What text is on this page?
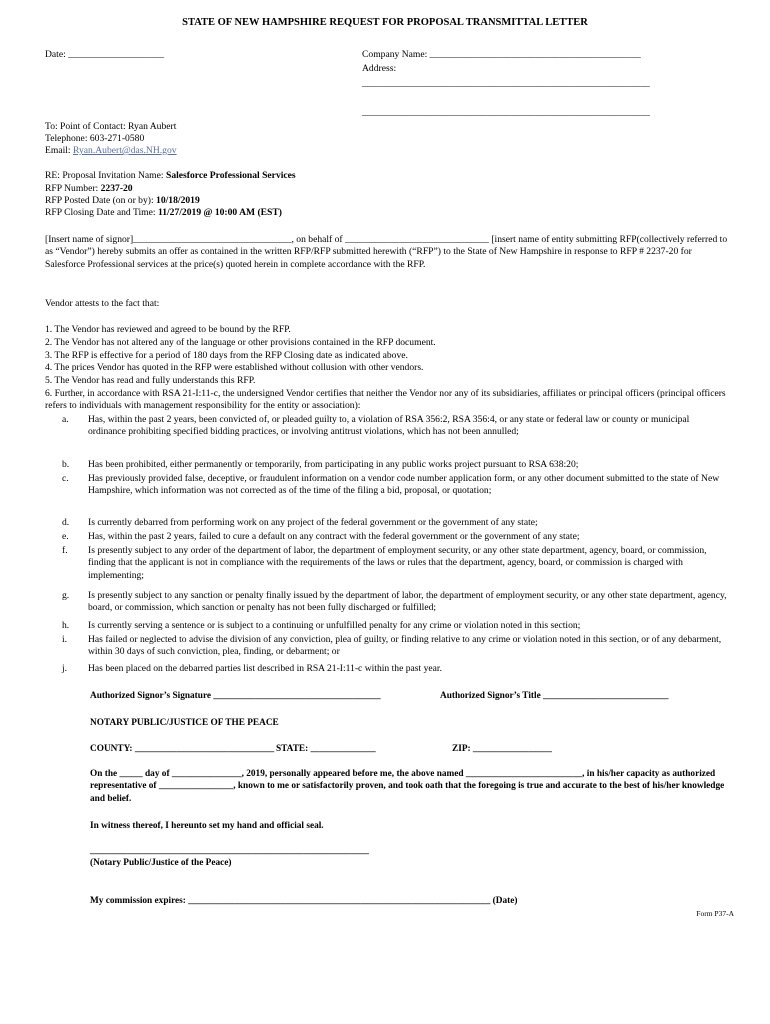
STATE OF NEW HAMPSHIRE REQUEST FOR PROPOSAL TRANSMITTAL LETTER
Date: ____________________	Company Name: ____________________________________________
Address:
____________________________________________________________
____________________________________________________________
To: Point of Contact: Ryan Aubert
Telephone: 603-271-0580
Email: Ryan.Aubert@das.NH.gov
RE: Proposal Invitation Name: Salesforce Professional Services
RFP Number: 2237-20
RFP Posted Date (on or by): 10/18/2019
RFP Closing Date and Time: 11/27/2019 @ 10:00 AM (EST)

[Insert name of signor]_________________________________, on behalf of ______________________________ [insert name of entity submitting RFP(collectively referred to as “Vendor”) hereby submits an offer as contained in the written RFP/RFP submitted herewith (“RFP”) to the State of New Hampshire in response to RFP # 2237-20 for Salesforce Professional services at the price(s) quoted herein in complete accordance with the RFP.

Vendor attests to the fact that:
1. The Vendor has reviewed and agreed to be bound by the RFP.
2. The Vendor has not altered any of the language or other provisions contained in the RFP document.
3. The RFP is effective for a period of 180 days from the RFP Closing date as indicated above.
4. The prices Vendor has quoted in the RFP were established without collusion with other vendors.
5. The Vendor has read and fully understands this RFP.

6. Further, in accordance with RSA 21-I:11-c, the undersigned Vendor certifies that neither the Vendor nor any of its subsidiaries, affiliates or principal officers (principal officers refers to individuals with management responsibility for the entity or association):

a.	Has, within the past 2 years, been convicted of, or pleaded guilty to, a violation of RSA 356:2, RSA 356:4, or any state or federal law or county or municipal ordinance prohibiting specified bidding practices, or involving antitrust violations, which has not been annulled;
b.	Has been prohibited, either permanently or temporarily, from participating in any public works project pursuant to RSA 638:20;
c.	Has previously provided false, deceptive, or fraudulent information on a vendor code number application form, or any other document submitted to the state of New Hampshire, which information was not corrected as of the time of the filing a bid, proposal, or quotation;
d.	Is currently debarred from performing work on any project of the federal government or the government of any state;
e.	Has, within the past 2 years, failed to cure a default on any contract with the federal government or the government of any state;
f.	Is presently subject to any order of the department of labor, the department of employment security, or any other state department, agency, board, or commission, finding that the applicant is not in compliance with the requirements of the laws or rules that the department, agency, board, or commission is charged with implementing;
g.	Is presently subject to any sanction or penalty finally issued by the department of labor, the department of employment security, or any other state department, agency, board, or commission, which sanction or penalty has not been fully discharged or fulfilled;
h.	Is currently serving a sentence or is subject to a continuing or unfulfilled penalty for any crime or violation noted in this section;
i.	Has failed or neglected to advise the division of any conviction, plea of guilty, or finding relative to any crime or violation noted in this section, or of any debarment, within 30 days of such conviction, plea, finding, or debarment; or
j.	Has been placed on the debarred parties list described in RSA 21-I:11-c within the past year.
Authorized Signor’s Signature ____________________________________	Authorized Signor’s Title ___________________________
NOTARY PUBLIC/JUSTICE OF THE PEACE
COUNTY: ______________________________ STATE: ______________	ZIP: _________________

On the _____ day of _______________, 2019, personally appeared before me, the above named _________________________, in his/her capacity as authorized representative of ________________, known to me or satisfactorily proven, and took oath that the foregoing is true and accurate to the best of his/her knowledge and belief.

In witness thereof, I hereunto set my hand and official seal.
____________________________________________________________
(Notary Public/Justice of the Peace)
My commission expires: _________________________________________________________________ (Date)
Form P37-A
